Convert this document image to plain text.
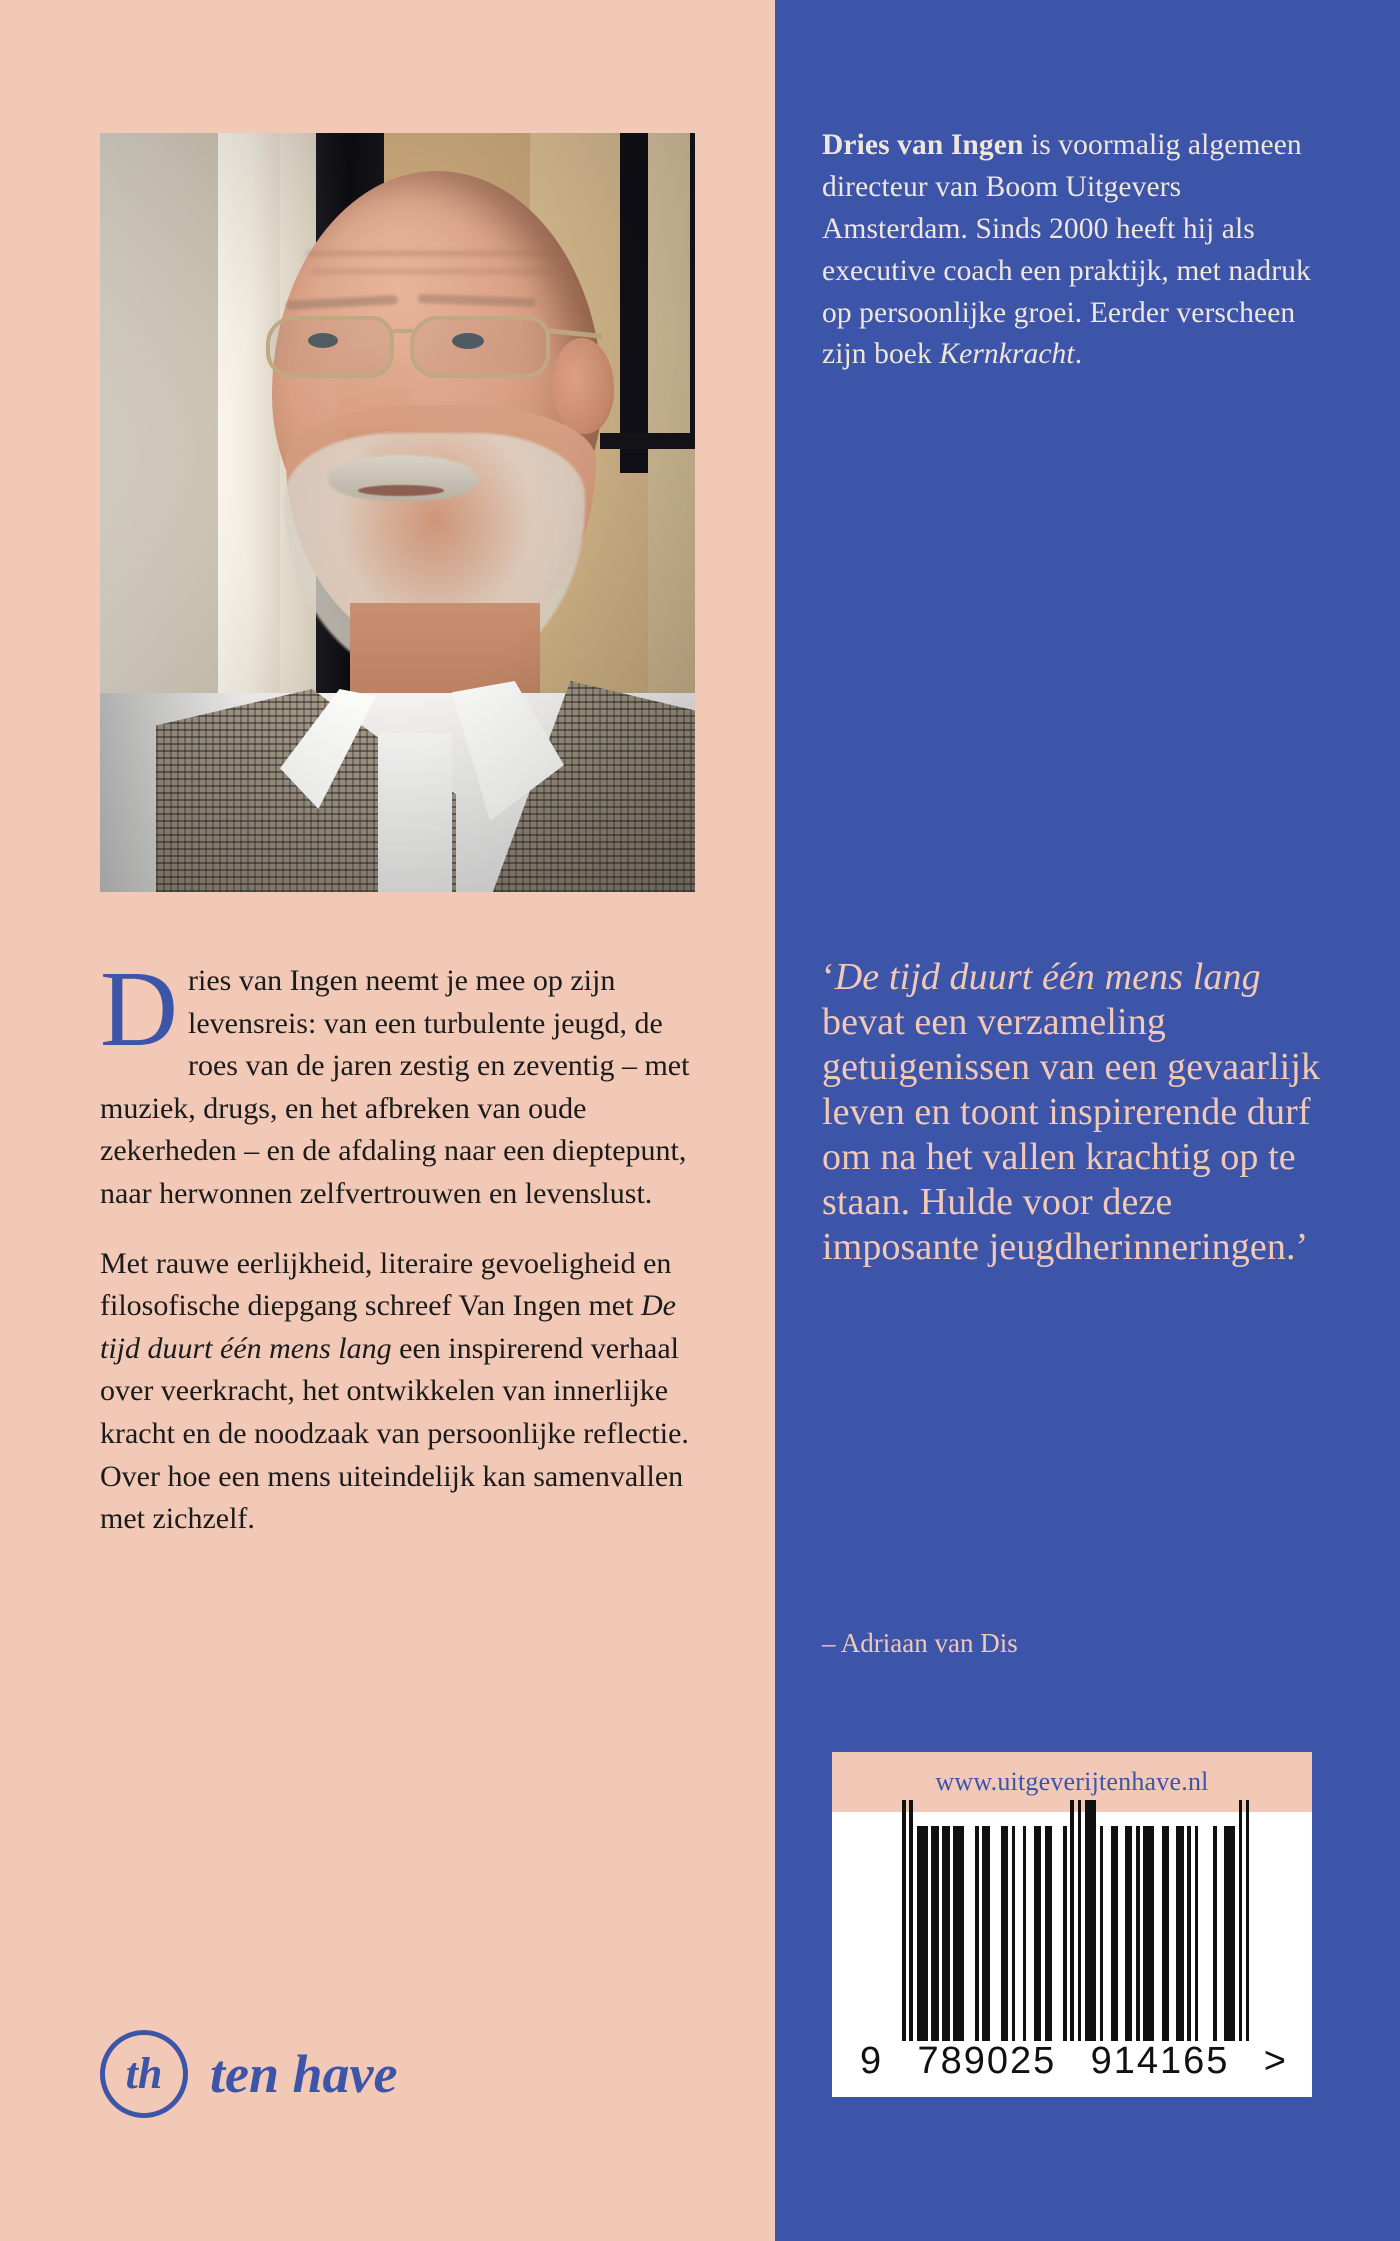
Dries van Ingen is voormalig algemeen directeur van Boom Uitgevers Amsterdam. Sinds 2000 heeft hij als executive coach een praktijk, met nadruk op persoonlijke groei. Eerder verscheen zijn boek Kernkracht.

Dries van Ingen neemt je mee op zijn levensreis: van een turbulente jeugd, de roes van de jaren zestig en zeventig – met muziek, drugs, en het afbreken van oude zekerheden – en de afdaling naar een dieptepunt, naar herwonnen zelfvertrouwen en levenslust.

Met rauwe eerlijkheid, literaire gevoeligheid en filosofische diepgang schreef Van Ingen met De tijd duurt één mens lang een inspirerend verhaal over veerkracht, het ontwikkelen van innerlijke kracht en de noodzaak van persoonlijke reflectie. Over hoe een mens uiteindelijk kan samenvallen met zichzelf.

‘De tijd duurt één mens lang bevat een verzameling getuigenissen van een gevaarlijk leven en toont inspirerende durf om na het vallen krachtig op te staan. Hulde voor deze imposante jeugdherinneringen.’
– Adriaan van Dis
www.uitgeverijtenhave.nl
9 789025 914165 >
th ten have
